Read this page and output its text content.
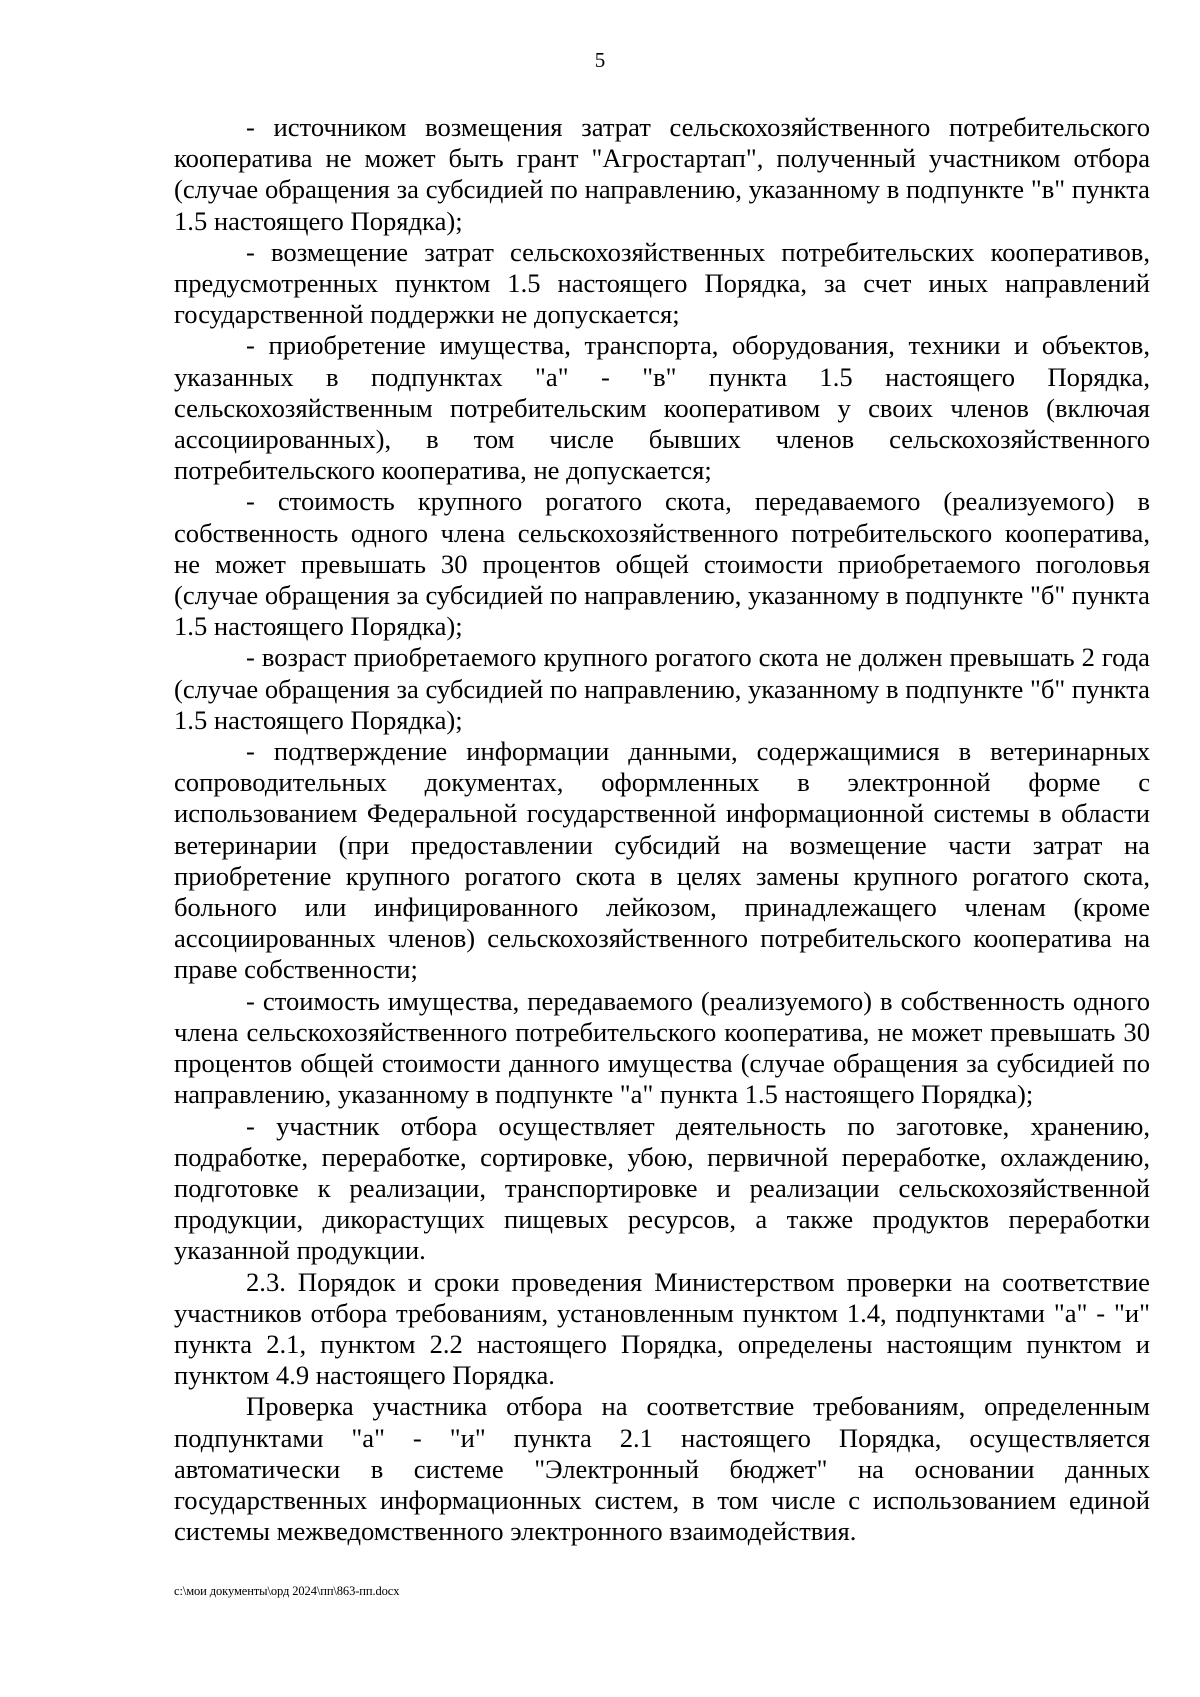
5

- источником возмещения затрат сельскохозяйственного потребительского кооператива не может быть грант "Агростартап", полученный участником отбора (случае обращения за субсидией по направлению, указанному в подпункте "в" пункта 1.5 настоящего Порядка);

- возмещение затрат сельскохозяйственных потребительских кооперативов, предусмотренных пунктом 1.5 настоящего Порядка, за счет иных направлений государственной поддержки не допускается;

- приобретение имущества, транспорта, оборудования, техники и объектов, указанных в подпунктах "а" - "в" пункта 1.5 настоящего Порядка, сельскохозяйственным потребительским кооперативом у своих членов (включая ассоциированных), в том числе бывших членов сельскохозяйственного потребительского кооператива, не допускается;

- стоимость крупного рогатого скота, передаваемого (реализуемого) в собственность одного члена сельскохозяйственного потребительского кооператива, не может превышать 30 процентов общей стоимости приобретаемого поголовья (случае обращения за субсидией по направлению, указанному в подпункте "б" пункта 1.5 настоящего Порядка);

- возраст приобретаемого крупного рогатого скота не должен превышать 2 года (случае обращения за субсидией по направлению, указанному в подпункте "б" пункта 1.5 настоящего Порядка);

- подтверждение информации данными, содержащимися в ветеринарных сопроводительных документах, оформленных в электронной форме с использованием Федеральной государственной информационной системы в области ветеринарии (при предоставлении субсидий на возмещение части затрат на приобретение крупного рогатого скота в целях замены крупного рогатого скота, больного или инфицированного лейкозом, принадлежащего членам (кроме ассоциированных членов) сельскохозяйственного потребительского кооператива на праве собственности;

- стоимость имущества, передаваемого (реализуемого) в собственность одного члена сельскохозяйственного потребительского кооператива, не может превышать 30 процентов общей стоимости данного имущества (случае обращения за субсидией по направлению, указанному в подпункте "а" пункта 1.5 настоящего Порядка);

- участник отбора осуществляет деятельность по заготовке, хранению, подработке, переработке, сортировке, убою, первичной переработке, охлаждению, подготовке к реализации, транспортировке и реализации сельскохозяйственной продукции, дикорастущих пищевых ресурсов, а также продуктов переработки указанной продукции.

2.3. Порядок и сроки проведения Министерством проверки на соответствие участников отбора требованиям, установленным пунктом 1.4, подпунктами "а" - "и" пункта 2.1, пунктом 2.2 настоящего Порядка, определены настоящим пунктом и пунктом 4.9 настоящего Порядка.

Проверка участника отбора на соответствие требованиям, определенным подпунктами "а" - "и" пункта 2.1 настоящего Порядка, осуществляется автоматически в системе "Электронный бюджет" на основании данных государственных информационных систем, в том числе с использованием единой системы межведомственного электронного взаимодействия.

c:\мои документы\орд 2024\пп\863-пп.docx
